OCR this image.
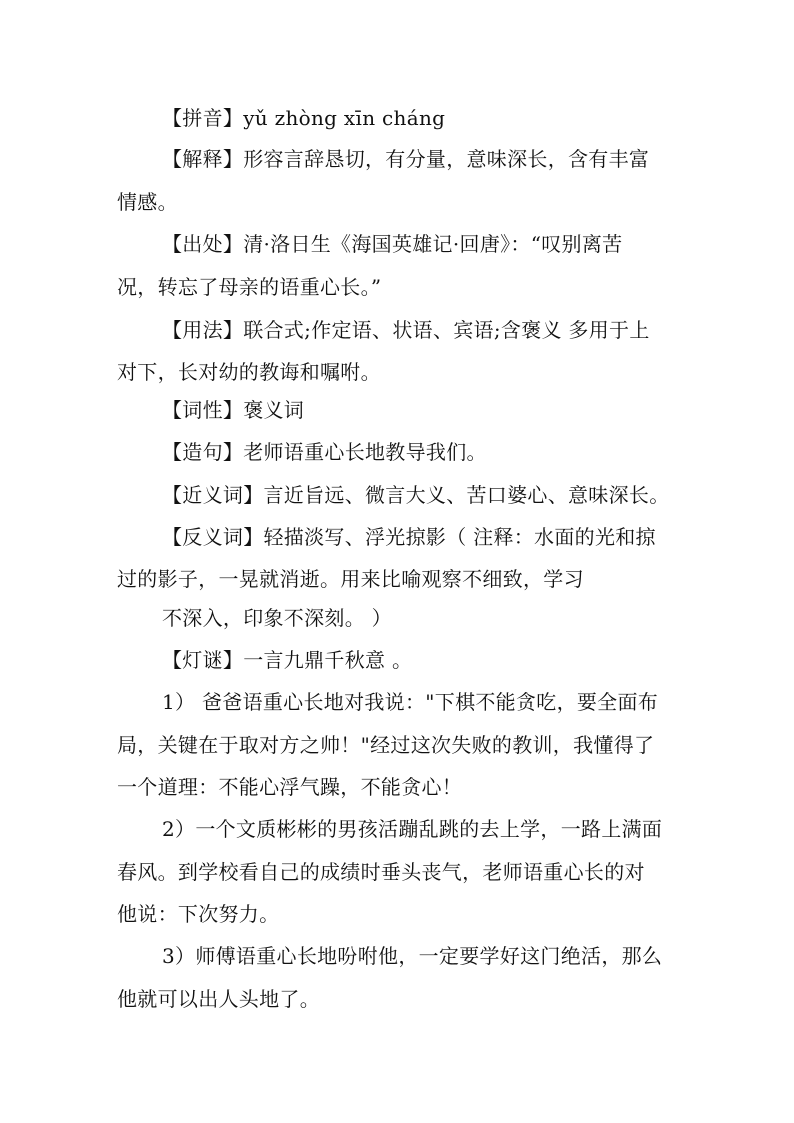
【拼音】yǔ zhòng xīn cháng
【解释】形容言辞恳切，有分量，意味深长，含有丰富
情感。
【出处】清·洛日生《海国英雄记·回唐》：“叹别离苦
况，转忘了母亲的语重心长。”
【用法】联合式;作定语、状语、宾语;含褒义 多用于上
对下，长对幼的教诲和嘱咐。
【词性】褒义词
【造句】老师语重心长地教导我们。
【近义词】言近旨远、微言大义、苦口婆心、意味深长。
【反义词】轻描淡写、浮光掠影（ 注释：水面的光和掠
过的影子，一晃就消逝。用来比喻观察不细致，学习
不深入，印象不深刻。 ）
【灯谜】一言九鼎千秋意 。
1） 爸爸语重心长地对我说："下棋不能贪吃，要全面布
局，关键在于取对方之帅！"经过这次失败的教训，我懂得了
一个道理：不能心浮气躁，不能贪心！
2）一个文质彬彬的男孩活蹦乱跳的去上学，一路上满面
春风。到学校看自己的成绩时垂头丧气，老师语重心长的对
他说：下次努力。
3）师傅语重心长地吩咐他，一定要学好这门绝活，那么
他就可以出人头地了。
